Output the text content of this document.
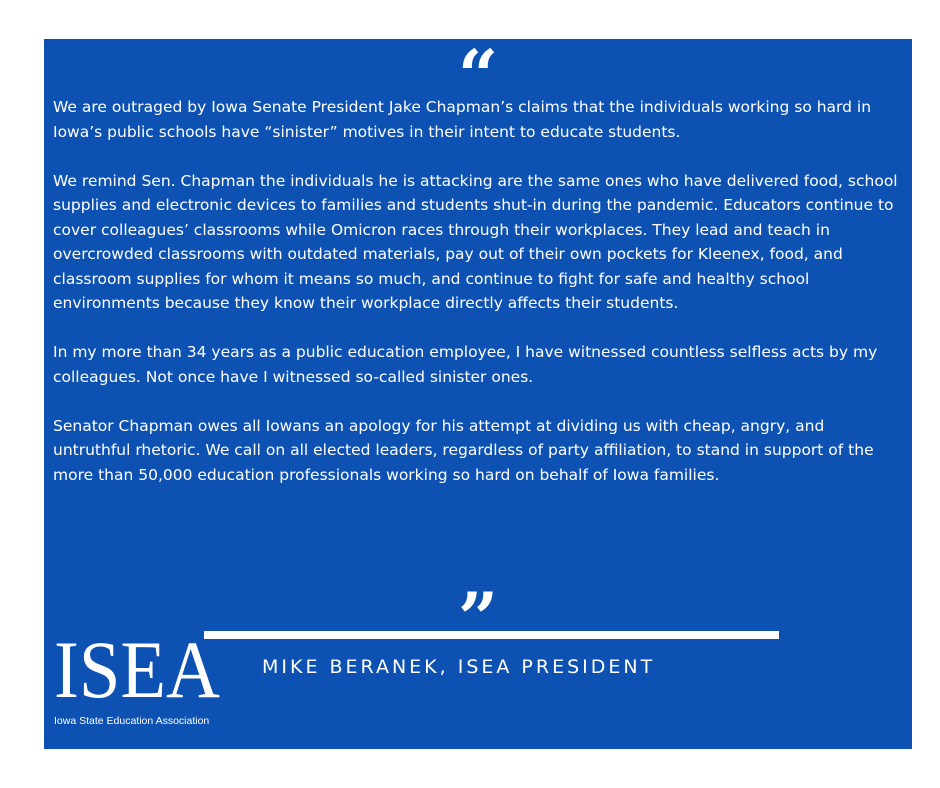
“

We are outraged by Iowa Senate President Jake Chapman’s claims that the individuals working so hard in Iowa’s public schools have “sinister” motives in their intent to educate students.

We remind Sen. Chapman the individuals he is attacking are the same ones who have delivered food, school supplies and electronic devices to families and students shut-in during the pandemic. Educators continue to cover colleagues’ classrooms while Omicron races through their workplaces. They lead and teach in overcrowded classrooms with outdated materials, pay out of their own pockets for Kleenex, food, and classroom supplies for whom it means so much, and continue to fight for safe and healthy school environments because they know their workplace directly affects their students.

In my more than 34 years as a public education employee, I have witnessed countless selfless acts by my colleagues. Not once have I witnessed so-called sinister ones.

Senator Chapman owes all Iowans an apology for his attempt at dividing us with cheap, angry, and untruthful rhetoric. We call on all elected leaders, regardless of party affiliation, to stand in support of the more than 50,000 education professionals working so hard on behalf of Iowa families.

”
MIKE BERANEK, ISEA PRESIDENT
ISEA
Iowa State Education Association
